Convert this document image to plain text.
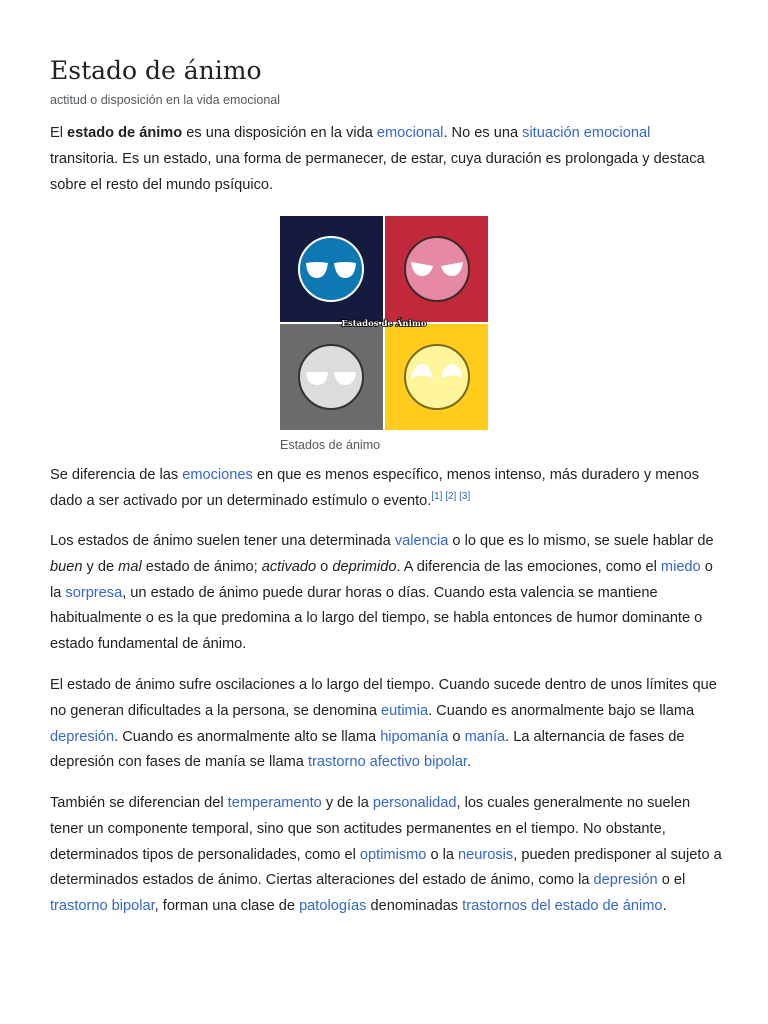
Estado de ánimo
actitud o disposición en la vida emocional

El estado de ánimo es una disposición en la vida emocional. No es una situación emocional transitoria. Es un estado, una forma de permanecer, de estar, cuya duración es prolongada y destaca sobre el resto del mundo psíquico.

Estados de Ánimo
Estados de ánimo

Se diferencia de las emociones en que es menos específico, menos intenso, más duradero y menos dado a ser activado por un determinado estímulo o evento.[1] [2] [3]

Los estados de ánimo suelen tener una determinada valencia o lo que es lo mismo, se suele hablar de buen y de mal estado de ánimo; activado o deprimido. A diferencia de las emociones, como el miedo o la sorpresa, un estado de ánimo puede durar horas o días. Cuando esta valencia se mantiene habitualmente o es la que predomina a lo largo del tiempo, se habla entonces de humor dominante o estado fundamental de ánimo.

El estado de ánimo sufre oscilaciones a lo largo del tiempo. Cuando sucede dentro de unos límites que no generan dificultades a la persona, se denomina eutimia. Cuando es anormalmente bajo se llama depresión. Cuando es anormalmente alto se llama hipomanía o manía. La alternancia de fases de depresión con fases de manía se llama trastorno afectivo bipolar.

También se diferencian del temperamento y de la personalidad, los cuales generalmente no suelen tener un componente temporal, sino que son actitudes permanentes en el tiempo. No obstante, determinados tipos de personalidades, como el optimismo o la neurosis, pueden predisponer al sujeto a determinados estados de ánimo. Ciertas alteraciones del estado de ánimo, como la depresión o el trastorno bipolar, forman una clase de patologías denominadas trastornos del estado de ánimo.
